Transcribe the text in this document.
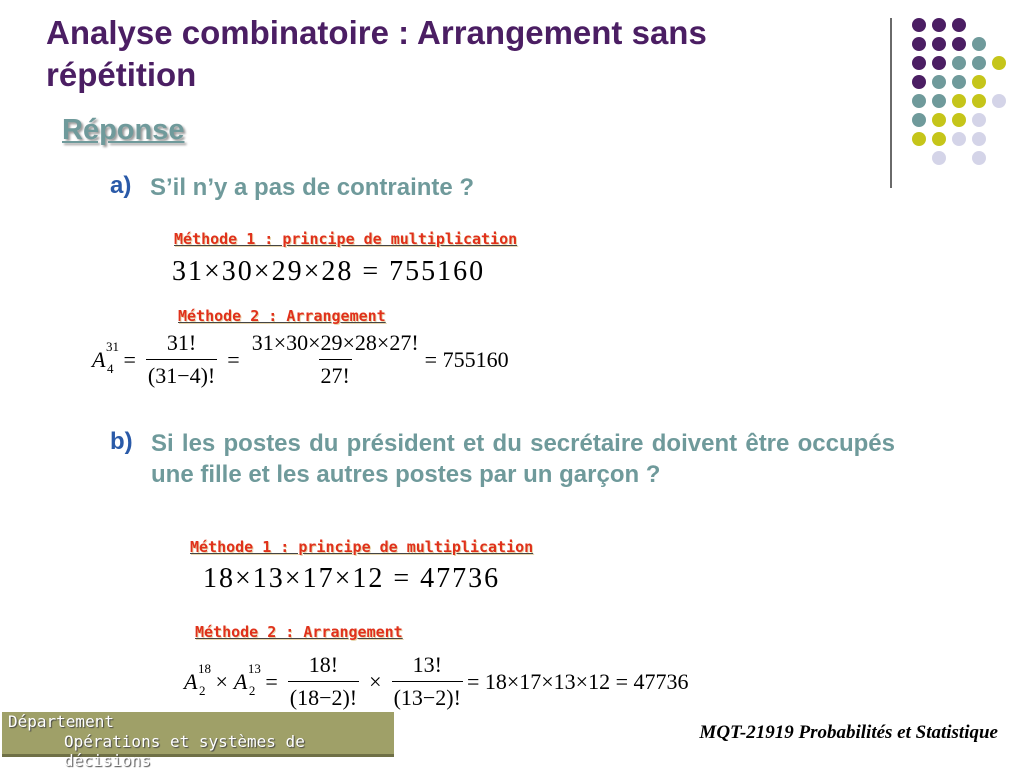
Analyse combinatoire : Arrangement sans répétition
Réponse
a) S’il n’y a pas de contrainte ?
Méthode 1 : principe de multiplication
31×30×29×28 = 755160
Méthode 2 : Arrangement
A
31
$4 = \frac{31!}{(31-4)!} = \frac{31\times 30\times 29\times 28\times 27!}{27!} = 755160$
b) Si les postes du président et du secrétaire doivent être occupés une fille et les autres postes par un garçon ?
Méthode 1 : principe de multiplication
18×13×17×12 = 47736
Méthode 2 : Arrangement
A
18
2 × A
13
$2 = \frac{18!}{(18-2)!} \times \frac{13!}{(13-2)!} = 18\times 17\times 13\times 12 = 47736$
Département
Opérations et systèmes de décisions
MQT-21919 Probabilités et Statistique
